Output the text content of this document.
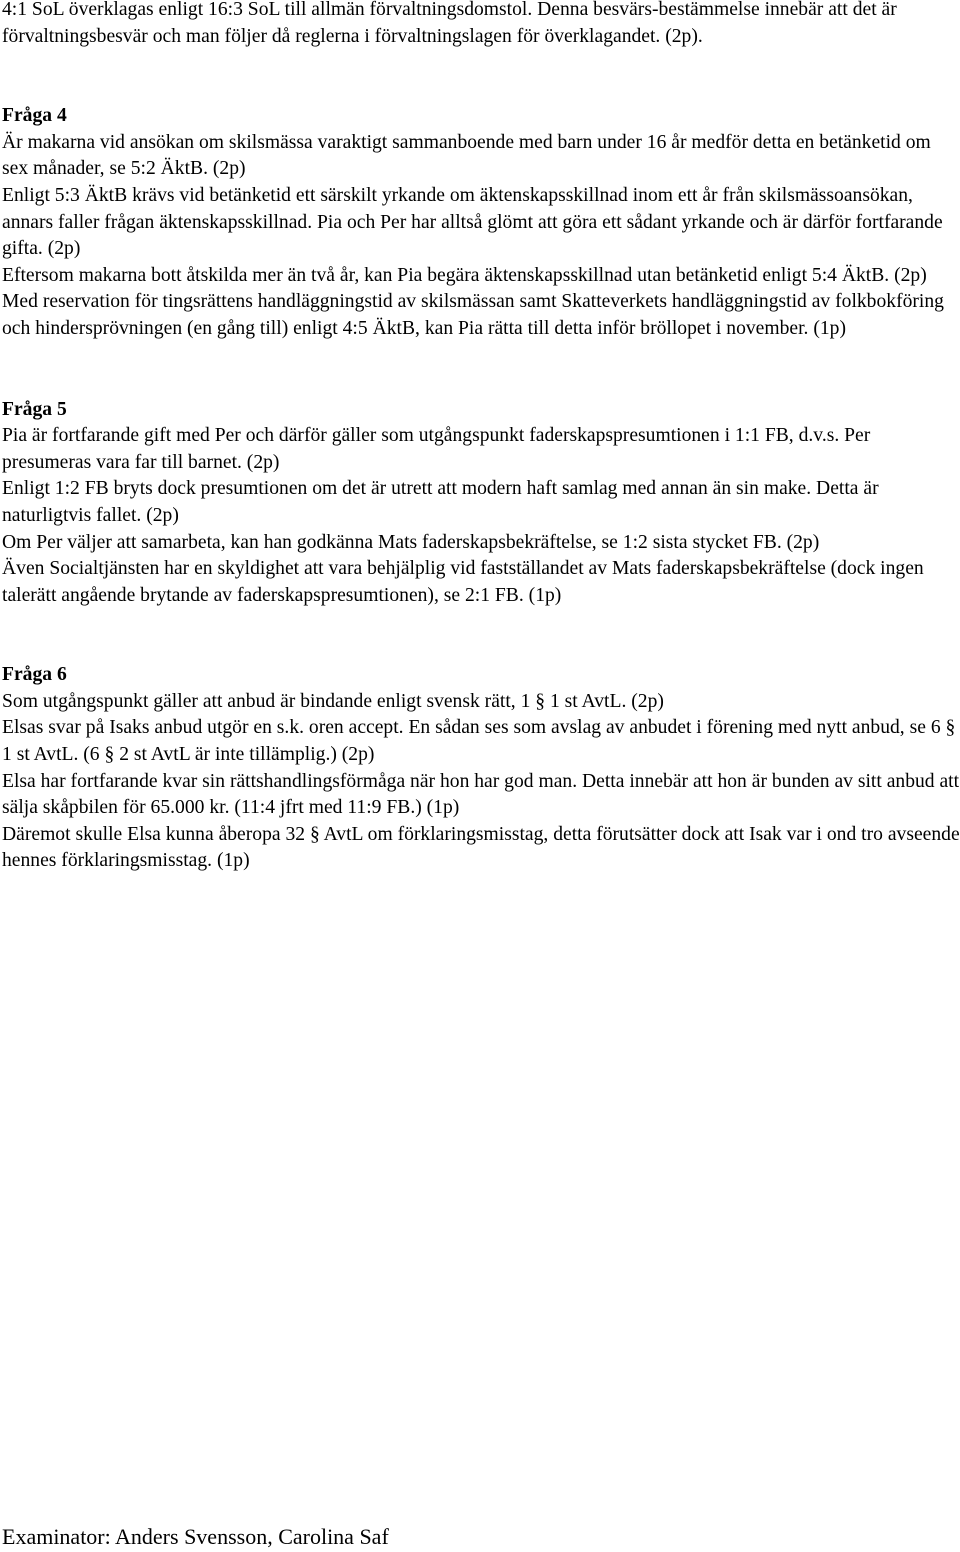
4:1 SoL överklagas enligt 16:3 SoL till allmän förvaltningsdomstol. Denna besvärs-bestämmelse innebär att det är förvaltningsbesvär och man följer då reglerna i förvaltningslagen för överklagandet. (2p).

Fråga 4

Är makarna vid ansökan om skilsmässa varaktigt sammanboende med barn under 16 år medför detta en betänketid om sex månader, se 5:2 ÄktB. (2p)

Enligt 5:3 ÄktB krävs vid betänketid ett särskilt yrkande om äktenskapsskillnad inom ett år från skilsmässoansökan, annars faller frågan äktenskapsskillnad. Pia och Per har alltså glömt att göra ett sådant yrkande och är därför fortfarande gifta. (2p)

Eftersom makarna bott åtskilda mer än två år, kan Pia begära äktenskapsskillnad utan betänketid enligt 5:4 ÄktB. (2p)

Med reservation för tingsrättens handläggningstid av skilsmässan samt Skatteverkets handläggningstid av folkbokföring och hindersprövningen (en gång till) enligt 4:5 ÄktB, kan Pia rätta till detta inför bröllopet i november. (1p)

Fråga 5

Pia är fortfarande gift med Per och därför gäller som utgångspunkt faderskapspresumtionen i 1:1 FB, d.v.s. Per presumeras vara far till barnet. (2p)

Enligt 1:2 FB bryts dock presumtionen om det är utrett att modern haft samlag med annan än sin make. Detta är naturligtvis fallet. (2p)

Om Per väljer att samarbeta, kan han godkänna Mats faderskapsbekräftelse, se 1:2 sista stycket FB. (2p)

Även Socialtjänsten har en skyldighet att vara behjälplig vid fastställandet av Mats faderskapsbekräftelse (dock ingen talerätt angående brytande av faderskapspresumtionen), se 2:1 FB. (1p)

Fråga 6

Som utgångspunkt gäller att anbud är bindande enligt svensk rätt, 1 § 1 st AvtL. (2p)

Elsas svar på Isaks anbud utgör en s.k. oren accept. En sådan ses som avslag av anbudet i förening med nytt anbud, se 6 § 1 st AvtL. (6 § 2 st AvtL är inte tillämplig.) (2p)

Elsa har fortfarande kvar sin rättshandlingsförmåga när hon har god man. Detta innebär att hon är bunden av sitt anbud att sälja skåpbilen för 65.000 kr. (11:4 jfrt med 11:9 FB.) (1p)

Däremot skulle Elsa kunna åberopa 32 § AvtL om förklaringsmisstag, detta förutsätter dock att Isak var i ond tro avseende hennes förklaringsmisstag. (1p)

Examinator: Anders Svensson, Carolina Saf
